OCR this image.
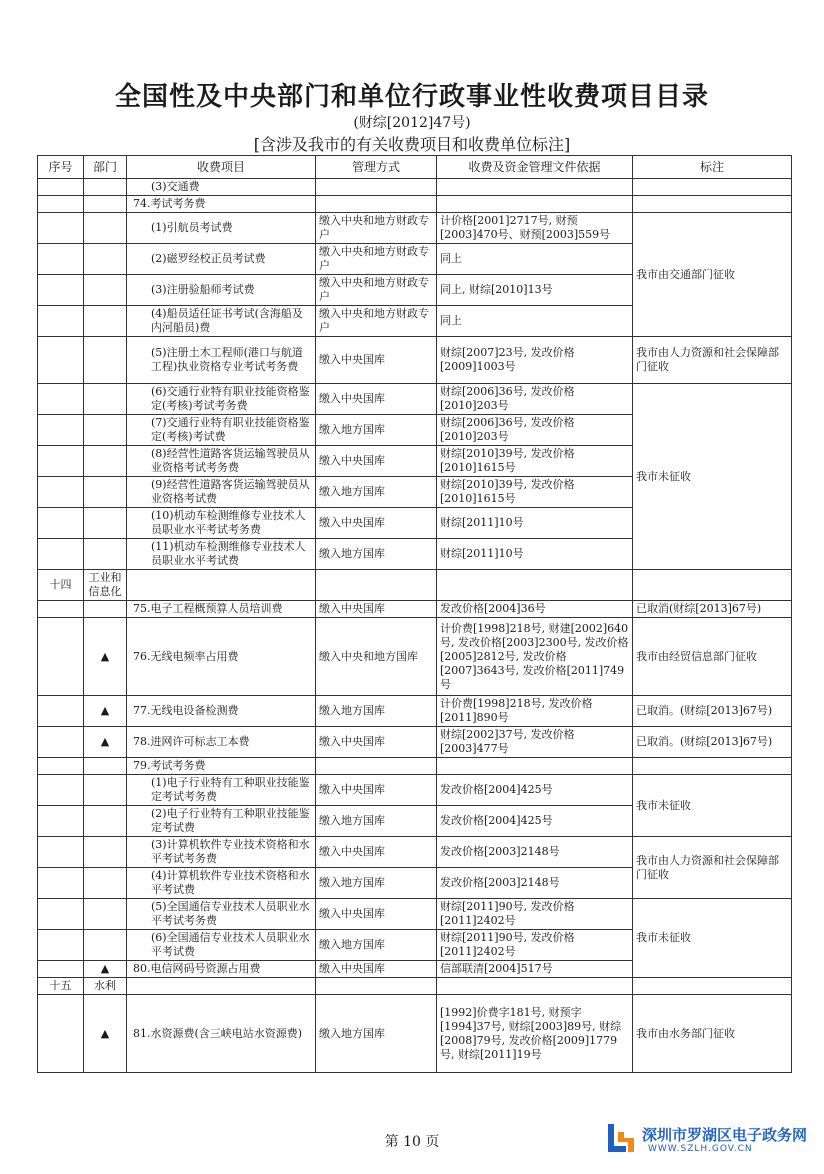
全国性及中央部门和单位行政事业性收费项目目录
(财综[2012]47号)
[含涉及我市的有关收费项目和收费单位标注]
序号	部门	收费项目	管理方式	收费及资金管理文件依据	标注
		(3)交通费			
		74.考试考务费			
		(1)引航员考试费	缴入中央和地方财政专户	计价格[2001]2717号, 财预[2003]470号、财预[2003]559号	我市由交通部门征收
		(2)磁罗经校正员考试费	缴入中央和地方财政专户	同上	
		(3)注册验船师考试费	缴入中央和地方财政专户	同上, 财综[2010]13号	
		(4)船员适任证书考试(含海船及内河船员)费	缴入中央和地方财政专户	同上	
		(5)注册土木工程师(港口与航道工程)执业资格专业考试考务费	缴入中央国库	财综[2007]23号, 发改价格[2009]1003号	我市由人力资源和社会保障部门征收
		(6)交通行业特有职业技能资格鉴定(考核)考试考务费	缴入中央国库	财综[2006]36号, 发改价格[2010]203号	我市未征收
		(7)交通行业特有职业技能资格鉴定(考核)考试费	缴入地方国库	财综[2006]36号, 发改价格[2010]203号	
		(8)经营性道路客货运输驾驶员从业资格考试考务费	缴入中央国库	财综[2010]39号, 发改价格[2010]1615号	
		(9)经营性道路客货运输驾驶员从业资格考试费	缴入地方国库	财综[2010]39号, 发改价格[2010]1615号	
		(10)机动车检测维修专业技术人员职业水平考试考务费	缴入中央国库	财综[2011]10号	
		(11)机动车检测维修专业技术人员职业水平考试费	缴入地方国库	财综[2011]10号	
十四	工业和信息化				
		75.电子工程概预算人员培训费	缴入中央国库	发改价格[2004]36号	已取消(财综[2013]67号)
	▲	76.无线电频率占用费	缴入中央和地方国库	计价费[1998]218号, 财建[2002]640号, 发改价格[2003]2300号, 发改价格[2005]2812号, 发改价格[2007]3643号, 发改价格[2011]749号	我市由经贸信息部门征收
	▲	77.无线电设备检测费	缴入地方国库	计价费[1998]218号, 发改价格[2011]890号	已取消。(财综[2013]67号)
	▲	78.进网许可标志工本费	缴入中央国库	财综[2002]37号, 发改价格[2003]477号	已取消。(财综[2013]67号)
		79.考试考务费			
		(1)电子行业特有工种职业技能鉴定考试考务费	缴入中央国库	发改价格[2004]425号	我市未征收
		(2)电子行业特有工种职业技能鉴定考试费	缴入地方国库	发改价格[2004]425号	
		(3)计算机软件专业技术资格和水平考试考务费	缴入中央国库	发改价格[2003]2148号	我市由人力资源和社会保障部门征收
		(4)计算机软件专业技术资格和水平考试费	缴入地方国库	发改价格[2003]2148号	
		(5)全国通信专业技术人员职业水平考试考务费	缴入中央国库	财综[2011]90号, 发改价格[2011]2402号	我市未征收
		(6)全国通信专业技术人员职业水平考试费	缴入地方国库	财综[2011]90号, 发改价格[2011]2402号	
	▲	80.电信网码号资源占用费	缴入中央国库	信部联清[2004]517号	
十五	水利				
	▲	81.水资源费(含三峡电站水资源费)	缴入地方国库	[1992]价费字181号, 财预字[1994]37号, 财综[2003]89号, 财综[2008]79号, 发改价格[2009]1779号, 财综[2011]19号	我市由水务部门征收
第 10 页	深圳市罗湖区电子政务网
WWW.SZLH.GOV.CN
